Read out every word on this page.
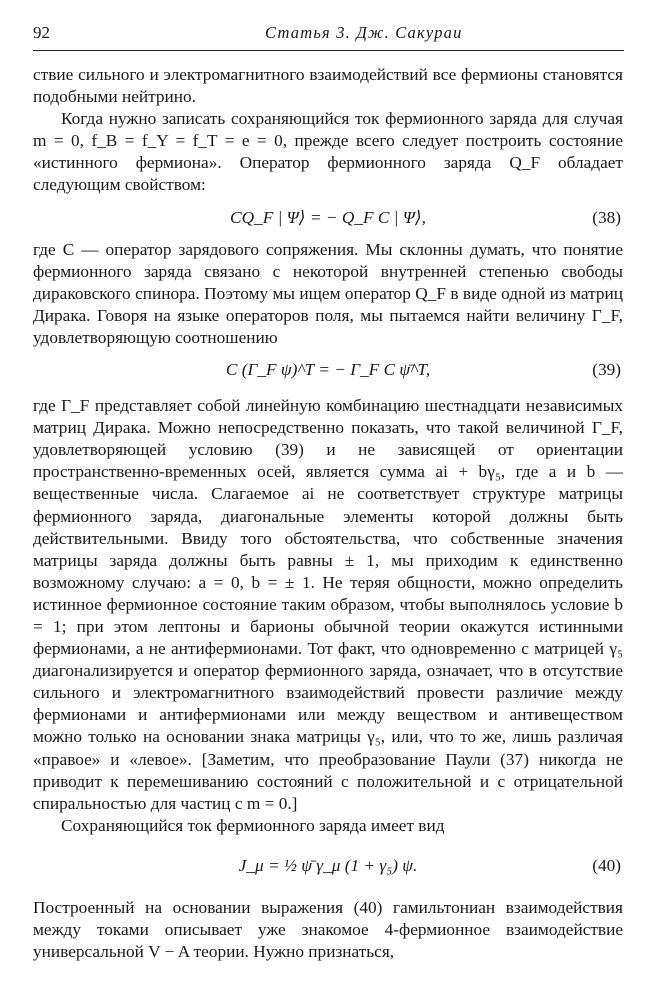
92	Статья 3. Дж. Сакураи

ствие сильного и электромагнитного взаимодействий все фермионы становятся подобными нейтрино.

Когда нужно записать сохраняющийся ток фермионного заряда для случая m = 0, f_B = f_Y = f_T = e = 0, прежде всего следует построить состояние «истинного фермиона». Оператор фермионного заряда Q_F обладает следующим свойством:

CQ_F | Ψ⟩ = − Q_F C | Ψ⟩,	(38)

где C — оператор зарядового сопряжения. Мы склонны думать, что понятие фермионного заряда связано с некоторой внутренней степенью свободы дираковского спинора. Поэтому мы ищем оператор Q_F в виде одной из матриц Дирака. Говоря на языке операторов поля, мы пытаемся найти величину Γ_F, удовлетворяющую соотношению

C (Γ_F ψ)^T = − Γ_F C ψ̄^T,	(39)

где Γ_F представляет собой линейную комбинацию шестнадцати независимых матриц Дирака. Можно непосредственно показать, что такой величиной Γ_F, удовлетворяющей условию (39) и не зависящей от ориентации пространственно-временных осей, является сумма ai + bγ₅, где a и b — вещественные числа. Слагаемое ai не соответствует структуре матрицы фермионного заряда, диагональные элементы которой должны быть действительными. Ввиду того обстоятельства, что собственные значения матрицы заряда должны быть равны ± 1, мы приходим к единственно возможному случаю: a = 0, b = ± 1. Не теряя общности, можно определить истинное фермионное состояние таким образом, чтобы выполнялось условие b = 1; при этом лептоны и барионы обычной теории окажутся истинными фермионами, а не антифермионами. Тот факт, что одновременно с матрицей γ₅ диагонализируется и оператор фермионного заряда, означает, что в отсутствие сильного и электромагнитного взаимодействий провести различие между фермионами и антифермионами или между веществом и антивеществом можно только на основании знака матрицы γ₅, или, что то же, лишь различая «правое» и «левое». [Заметим, что преобразование Паули (37) никогда не приводит к перемешиванию состояний с положительной и с отрицательной спиральностью для частиц с m = 0.]

Сохраняющийся ток фермионного заряда имеет вид

J_μ = ½ ψ̄ γ_μ (1 + γ₅) ψ.	(40)

Построенный на основании выражения (40) гамильтониан взаимодействия между токами описывает уже знакомое 4-фермионное взаимодействие универсальной V − A теории. Нужно признаться,
